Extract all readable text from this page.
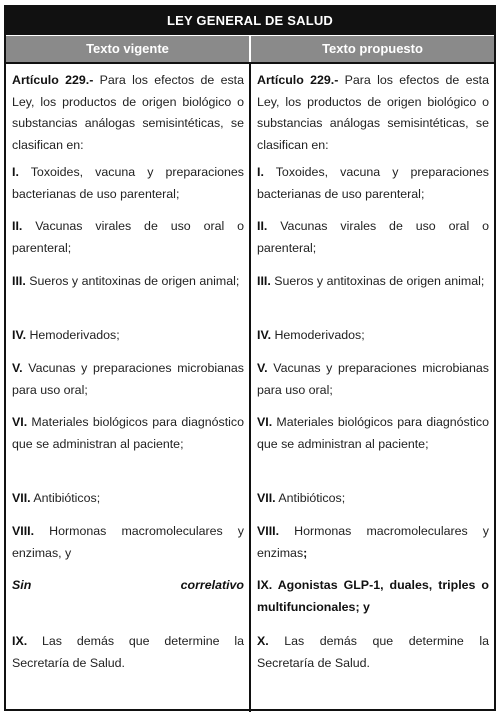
LEY GENERAL DE SALUD
Texto vigente	Texto propuesto

Artículo 229.- Para los efectos de esta Ley, los productos de origen biológico o substancias análogas semisintéticas, se clasifican en:

I. Toxoides, vacuna y preparaciones bacterianas de uso parenteral;

II. Vacunas virales de uso oral o parenteral;

III. Sueros y antitoxinas de origen animal;

IV. Hemoderivados;

V. Vacunas y preparaciones microbianas para uso oral;

VI. Materiales biológicos para diagnóstico que se administran al paciente;

VII. Antibióticos;

VIII. Hormonas macromoleculares y enzimas, y

Sin	correlativo

IX. Las demás que determine la Secretaría de Salud.

Artículo 229.- Para los efectos de esta Ley, los productos de origen biológico o substancias análogas semisintéticas, se clasifican en:

I. Toxoides, vacuna y preparaciones bacterianas de uso parenteral;

II. Vacunas virales de uso oral o parenteral;

III. Sueros y antitoxinas de origen animal;

IV. Hemoderivados;

V. Vacunas y preparaciones microbianas para uso oral;

VI. Materiales biológicos para diagnóstico que se administran al paciente;

VII. Antibióticos;

VIII. Hormonas macromoleculares y enzimas;

IX. Agonistas GLP-1, duales, triples o multifuncionales; y

X. Las demás que determine la Secretaría de Salud.
